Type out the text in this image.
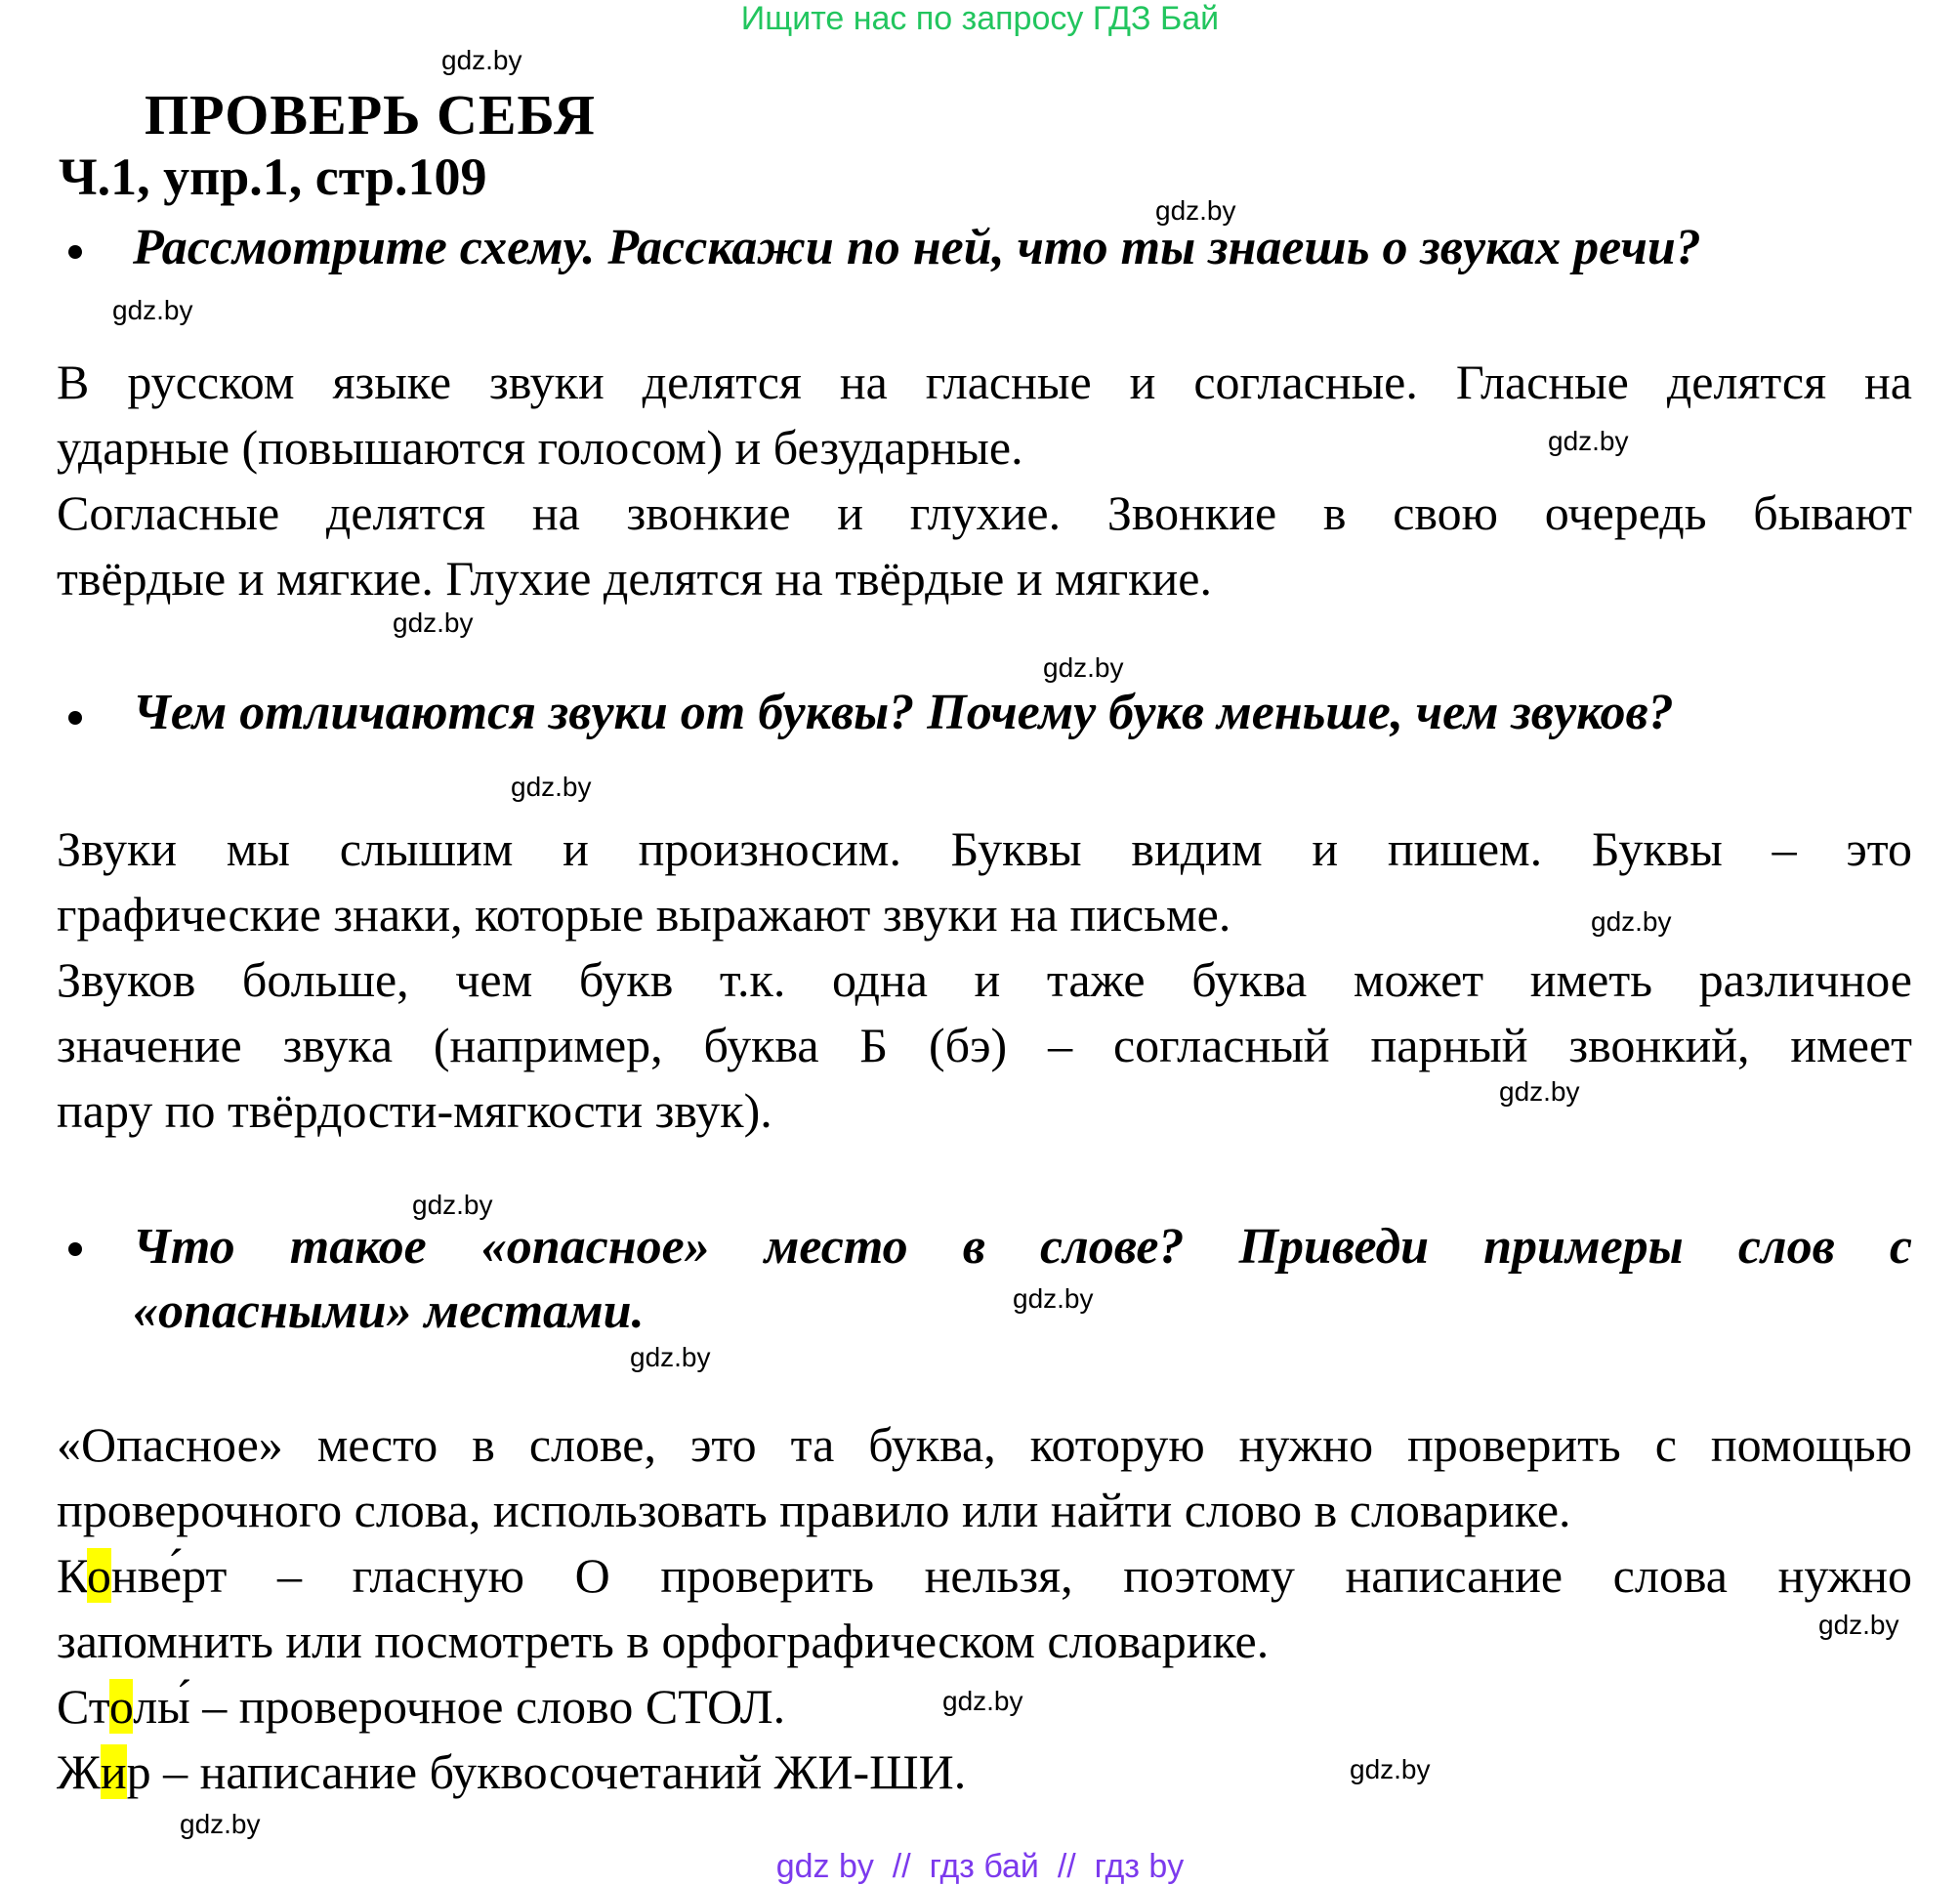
Ищите нас по запросу ГДЗ Бай
gdz.by
gdz.by
gdz.by
gdz.by
gdz.by
gdz.by
gdz.by
gdz.by
gdz.by
gdz.by
gdz.by
gdz.by
gdz.by
gdz.by
gdz.by
gdz.by
ПРОВЕРЬ СЕБЯ
Ч.1, упр.1, стр.109
Рассмотрите схему. Расскажи по ней, что ты знаешь о звуках речи?
В русском языке звуки делятся на гласные и согласные. Гласные делятся на
ударные (повышаются голосом) и безударные.
Согласные делятся на звонкие и глухие. Звонкие в свою очередь бывают
твёрдые и мягкие. Глухие делятся на твёрдые и мягкие.
Чем отличаются звуки от буквы? Почему букв меньше, чем звуков?
Звуки мы слышим и произносим. Буквы видим и пишем. Буквы – это
графические знаки, которые выражают звуки на письме.
Звуков больше, чем букв т.к. одна и таже буква может иметь различное
значение звука (например, буква Б (бэ) – согласный парный звонкий, имеет
пару по твёрдости-мягкости звук).
Что такое «опасное» место в слове? Приведи примеры слов с
«опасными» местами.
«Опасное» место в слове, это та буква, которую нужно проверить с помощью
проверочного слова, использовать правило или найти слово в словарике.
Конве́рт – гласную О проверить нельзя, поэтому написание слова нужно
запомнить или посмотреть в орфографическом словарике.
Столы́ – проверочное слово СТОЛ.
Жир – написание буквосочетаний ЖИ-ШИ.
gdz by  //  гдз бай  //  гдз by
